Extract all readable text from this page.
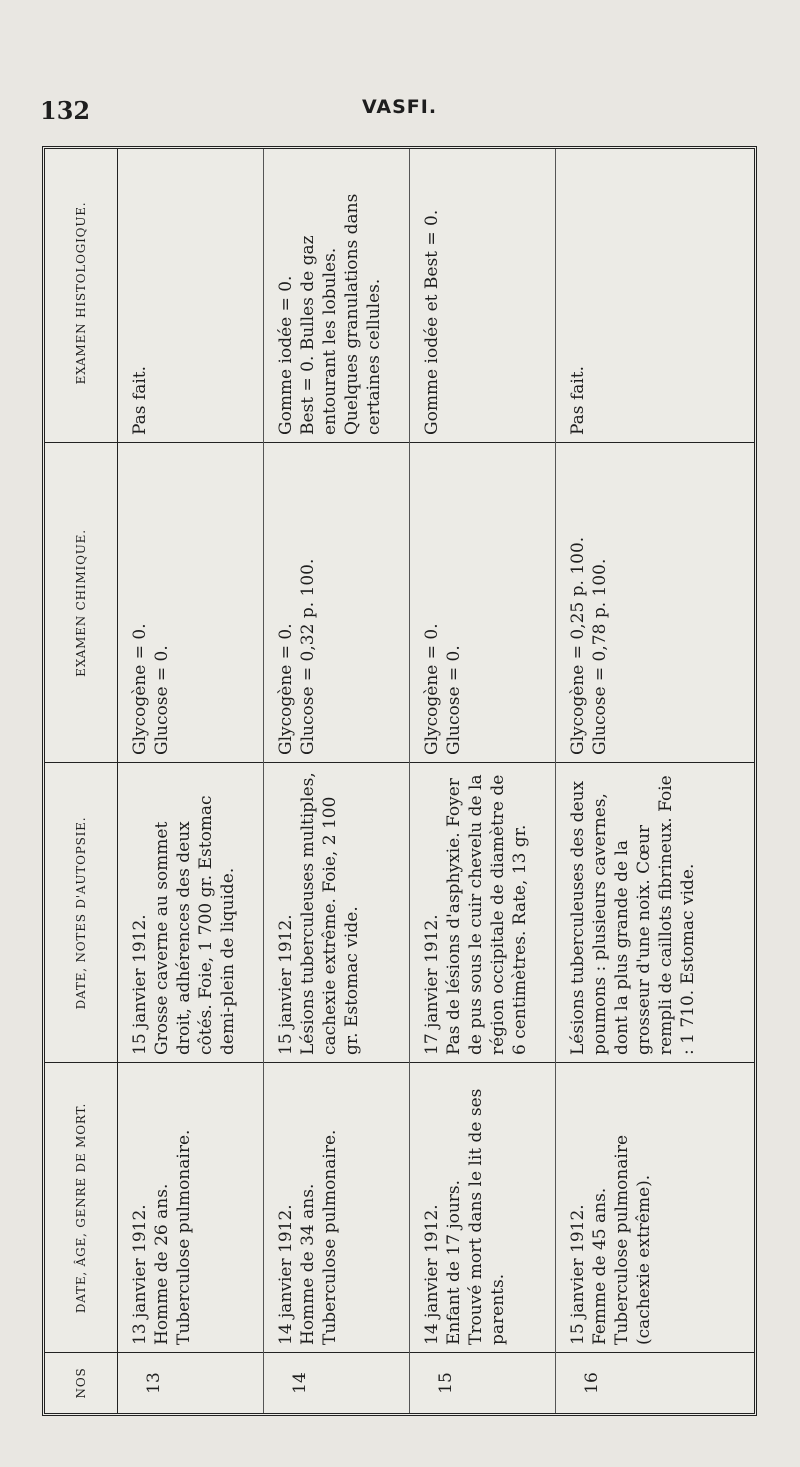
132	VASFI.
NOS
DATE, ÂGE, GENRE DE MORT.
DATE, NOTES D'AUTOPSIE.
EXAMEN CHIMIQUE.
EXAMEN HISTOLOGIQUE.
13
13 janvier 1912.
Homme de 26 ans.
Tuberculose pulmonaire.
15 janvier 1912.
Grosse caverne au sommet droit, adhérences des deux côtés. Foie, 1 700 gr. Estomac demi-plein de liquide.
Glycogène = 0.
Glucose = 0.
Pas fait.
14
14 janvier 1912.
Homme de 34 ans.
Tuberculose pulmonaire.
15 janvier 1912.
Lésions tuberculeuses multiples, cachexie extrême. Foie, 2 100 gr. Estomac vide.
Glycogène = 0.
Glucose = 0,32 p. 100.
Gomme iodée = 0.
Best = 0. Bulles de gaz entourant les lobules.
Quelques granulations dans certaines cellules.
15
14 janvier 1912.
Enfant de 17 jours.
Trouvé mort dans le lit de ses parents.
17 janvier 1912.
Pas de lésions d'asphyxie. Foyer de pus sous le cuir chevelu de la région occipitale de diamètre de 6 centimètres. Rate, 13 gr.
Glycogène = 0.
Glucose = 0.
Gomme iodée et Best = 0.
16
15 janvier 1912.
Femme de 45 ans.
Tuberculose pulmonaire (cachexie extrême).
Lésions tuberculeuses des deux poumons : plusieurs cavernes, dont la plus grande de la grosseur d'une noix. Cœur rempli de caillots fibrineux. Foie : 1 710. Estomac vide.
Glycogène = 0,25 p. 100.
Glucose = 0,78 p. 100.
Pas fait.
